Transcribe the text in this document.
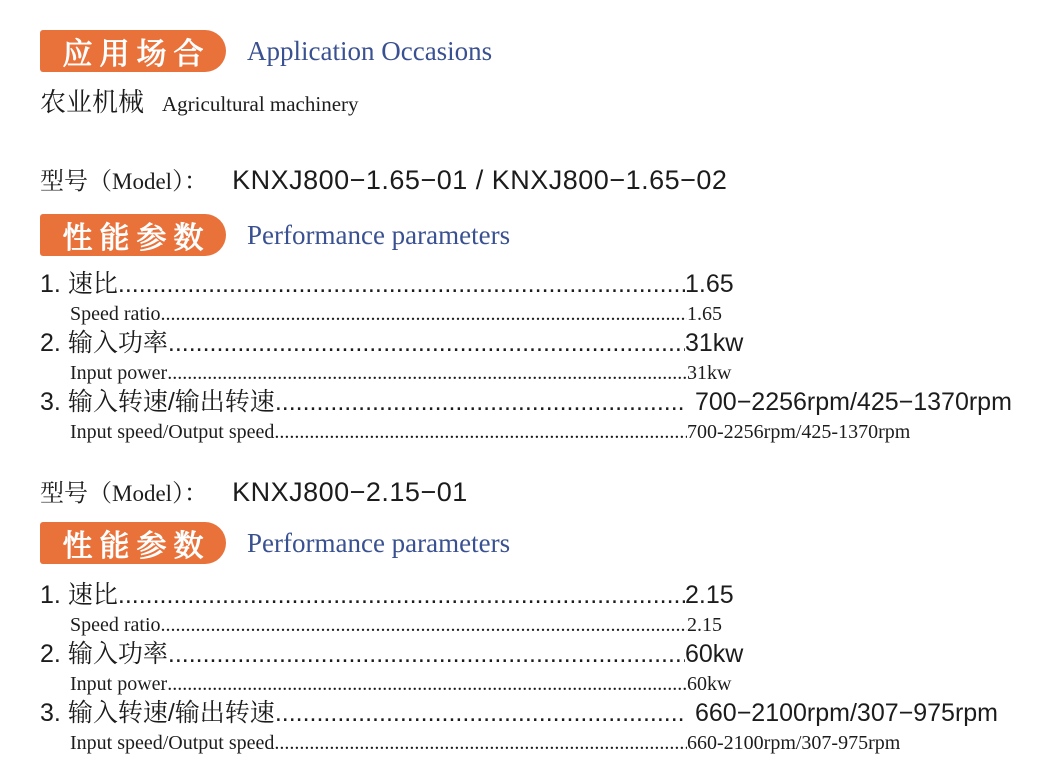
应用场合 Application Occasions
农业机械 Agricultural machinery
型号（ Model ）： KNXJ800−1.65−01 / KNXJ800−1.65−02
性能参数 Performance parameters
1. 速比 .....	1.65
Speed ratio .....	1.65
2. 输入功率 .....	31kw
Input power .....	31kw
3. 输入转速/输出转速 .....	700−2256rpm/425−1370rpm
Input speed/Output speed .....	700-2256rpm/425-1370rpm
型号（ Model ）： KNXJ800−2.15−01
性能参数 Performance parameters
1. 速比 .....	2.15
Speed ratio .....	2.15
2. 输入功率 .....	60kw
Input power .....	60kw
3. 输入转速/输出转速 .....	660−2100rpm/307−975rpm
Input speed/Output speed .....	660-2100rpm/307-975rpm
